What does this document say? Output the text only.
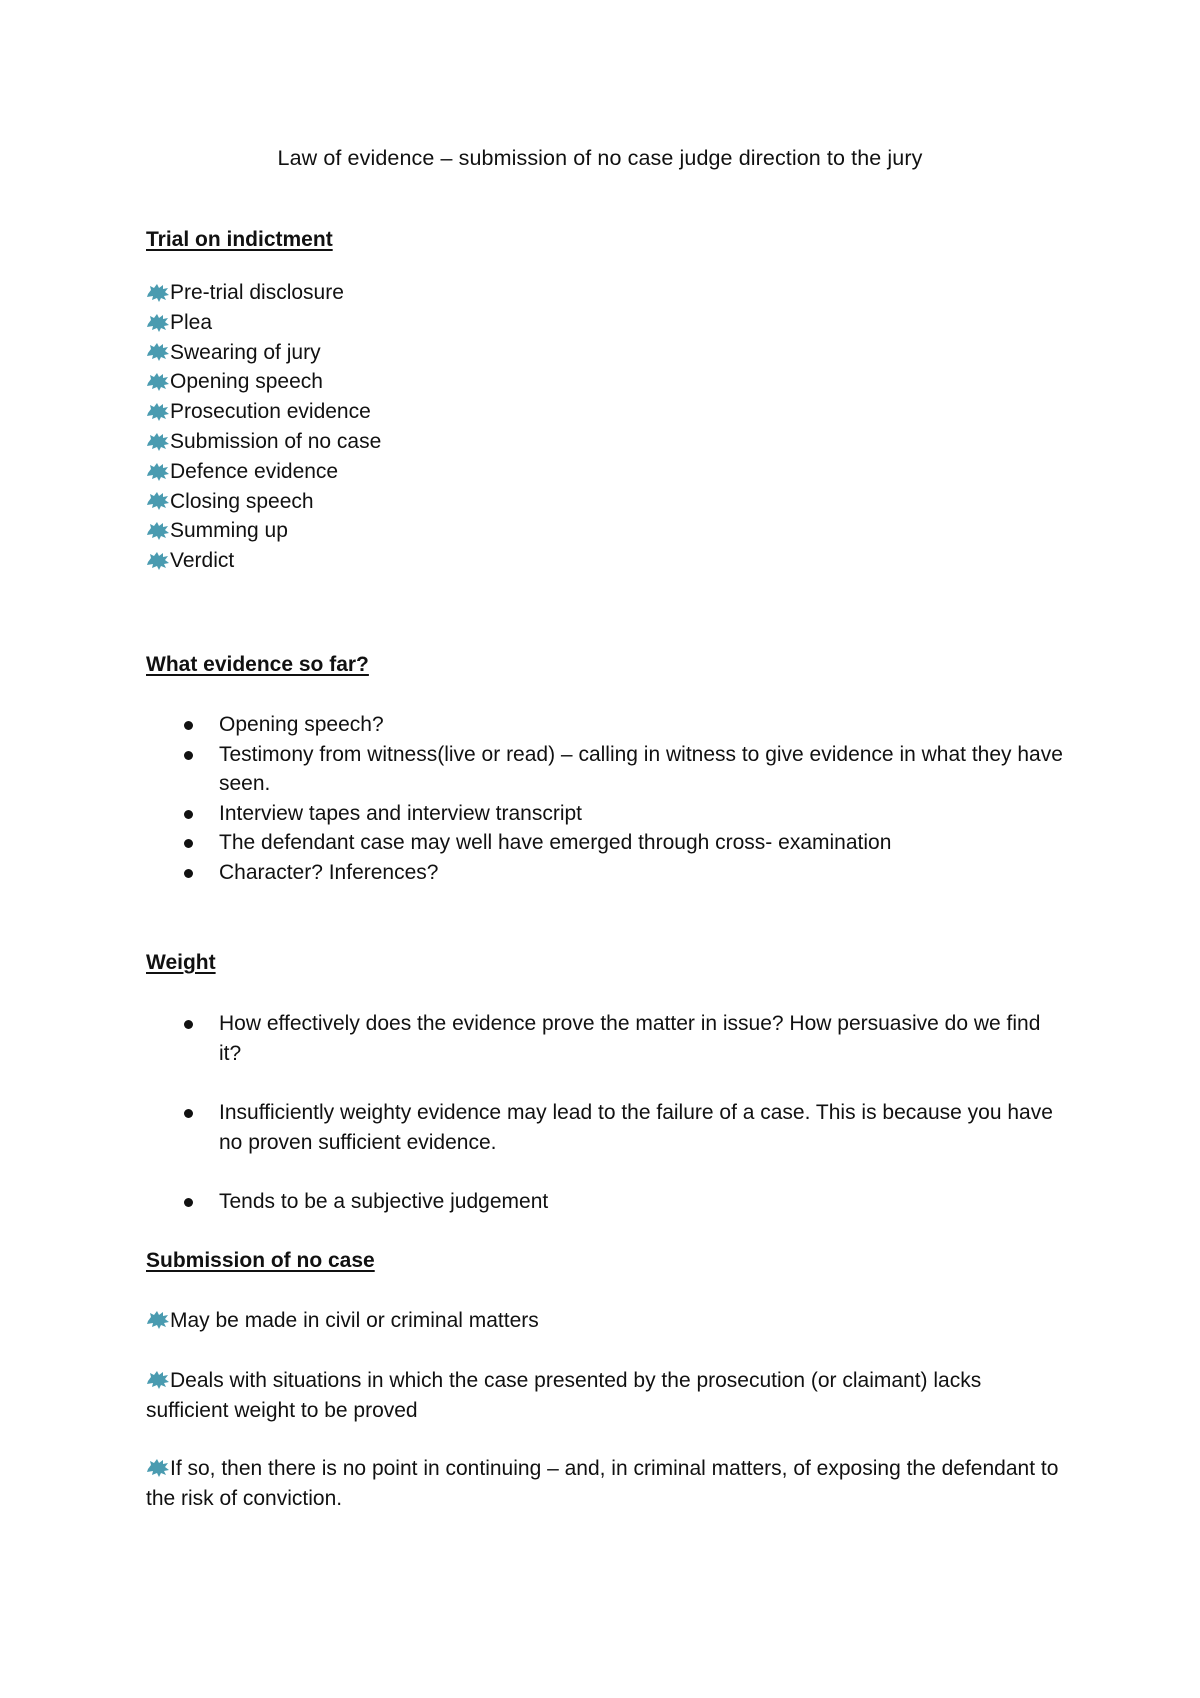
Law of evidence – submission of no case judge direction to the jury
Trial on indictment
Pre-trial disclosure
Plea
Swearing of jury
Opening speech
Prosecution evidence
Submission of no case
Defence evidence
Closing speech
Summing up
Verdict
What evidence so far?
Opening speech?
Testimony from witness(live or read) – calling in witness to give evidence in what they have seen.
Interview tapes and interview transcript
The defendant case may well have emerged through cross- examination
Character? Inferences?
Weight
How effectively does the evidence prove the matter in issue? How persuasive do we find it?
Insufficiently weighty evidence may lead to the failure of a case. This is because you have no proven sufficient evidence.
Tends to be a subjective judgement
Submission of no case

May be made in civil or criminal matters

Deals with situations in which the case presented by the prosecution (or claimant) lacks sufficient weight to be proved

If so, then there is no point in continuing – and, in criminal matters, of exposing the defendant to the risk of conviction.
